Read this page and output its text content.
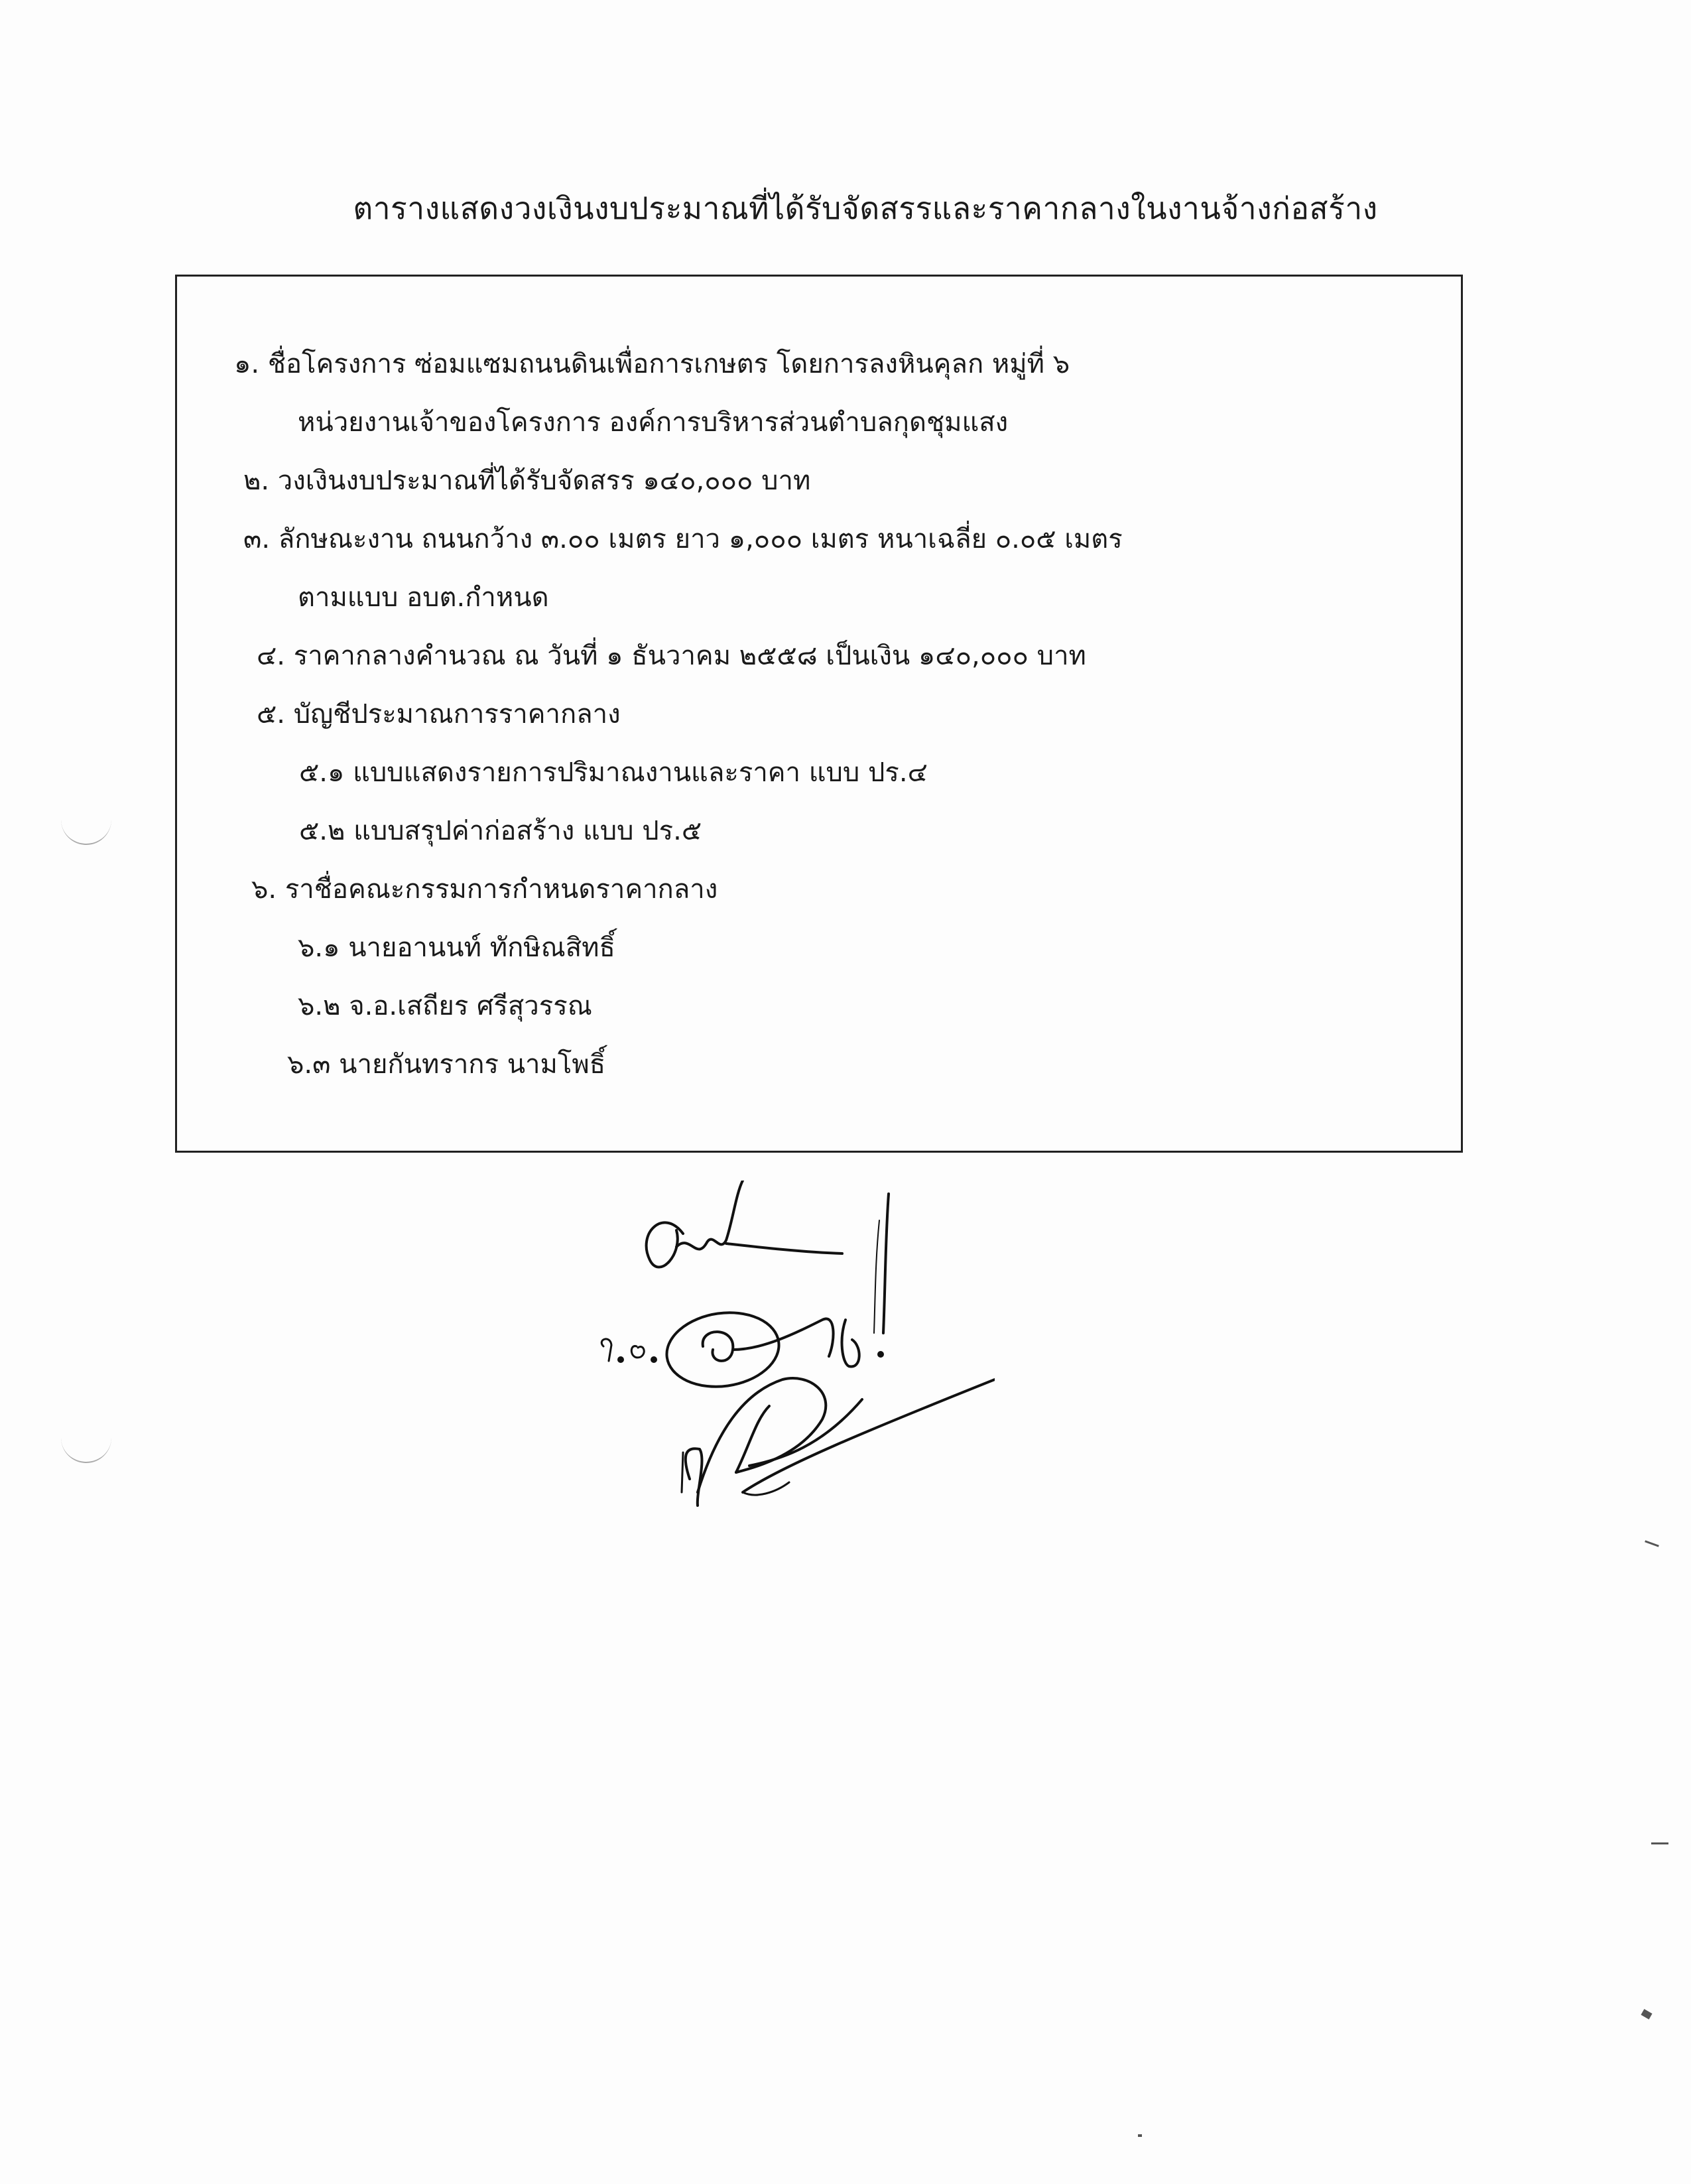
ตารางแสดงวงเงินงบประมาณที่ได้รับจัดสรรและราคากลางในงานจ้างก่อสร้าง
๑. ชื่อโครงการ ซ่อมแซมถนนดินเพื่อการเกษตร โดยการลงหินคุลก หมู่ที่ ๖
หน่วยงานเจ้าของโครงการ องค์การบริหารส่วนตำบลกุดชุมแสง
๒. วงเงินงบประมาณที่ได้รับจัดสรร ๑๔๐,๐๐๐ บาท
๓. ลักษณะงาน ถนนกว้าง ๓.๐๐ เมตร ยาว ๑,๐๐๐ เมตร หนาเฉลี่ย ๐.๐๕ เมตร
ตามแบบ อบต.กำหนด
๔. ราคากลางคำนวณ ณ วันที่ ๑ ธันวาคม ๒๕๕๘ เป็นเงิน ๑๔๐,๐๐๐ บาท
๕. บัญชีประมาณการราคากลาง
๕.๑ แบบแสดงรายการปริมาณงานและราคา แบบ ปร.๔
๕.๒ แบบสรุปค่าก่อสร้าง แบบ ปร.๕
๖. ราชื่อคณะกรรมการกำหนดราคากลาง
๖.๑ นายอานนท์ ทักษิณสิทธิ์
๖.๒ จ.อ.เสถียร ศรีสุวรรณ
๖.๓ นายกันทรากร นามโพธิ์
